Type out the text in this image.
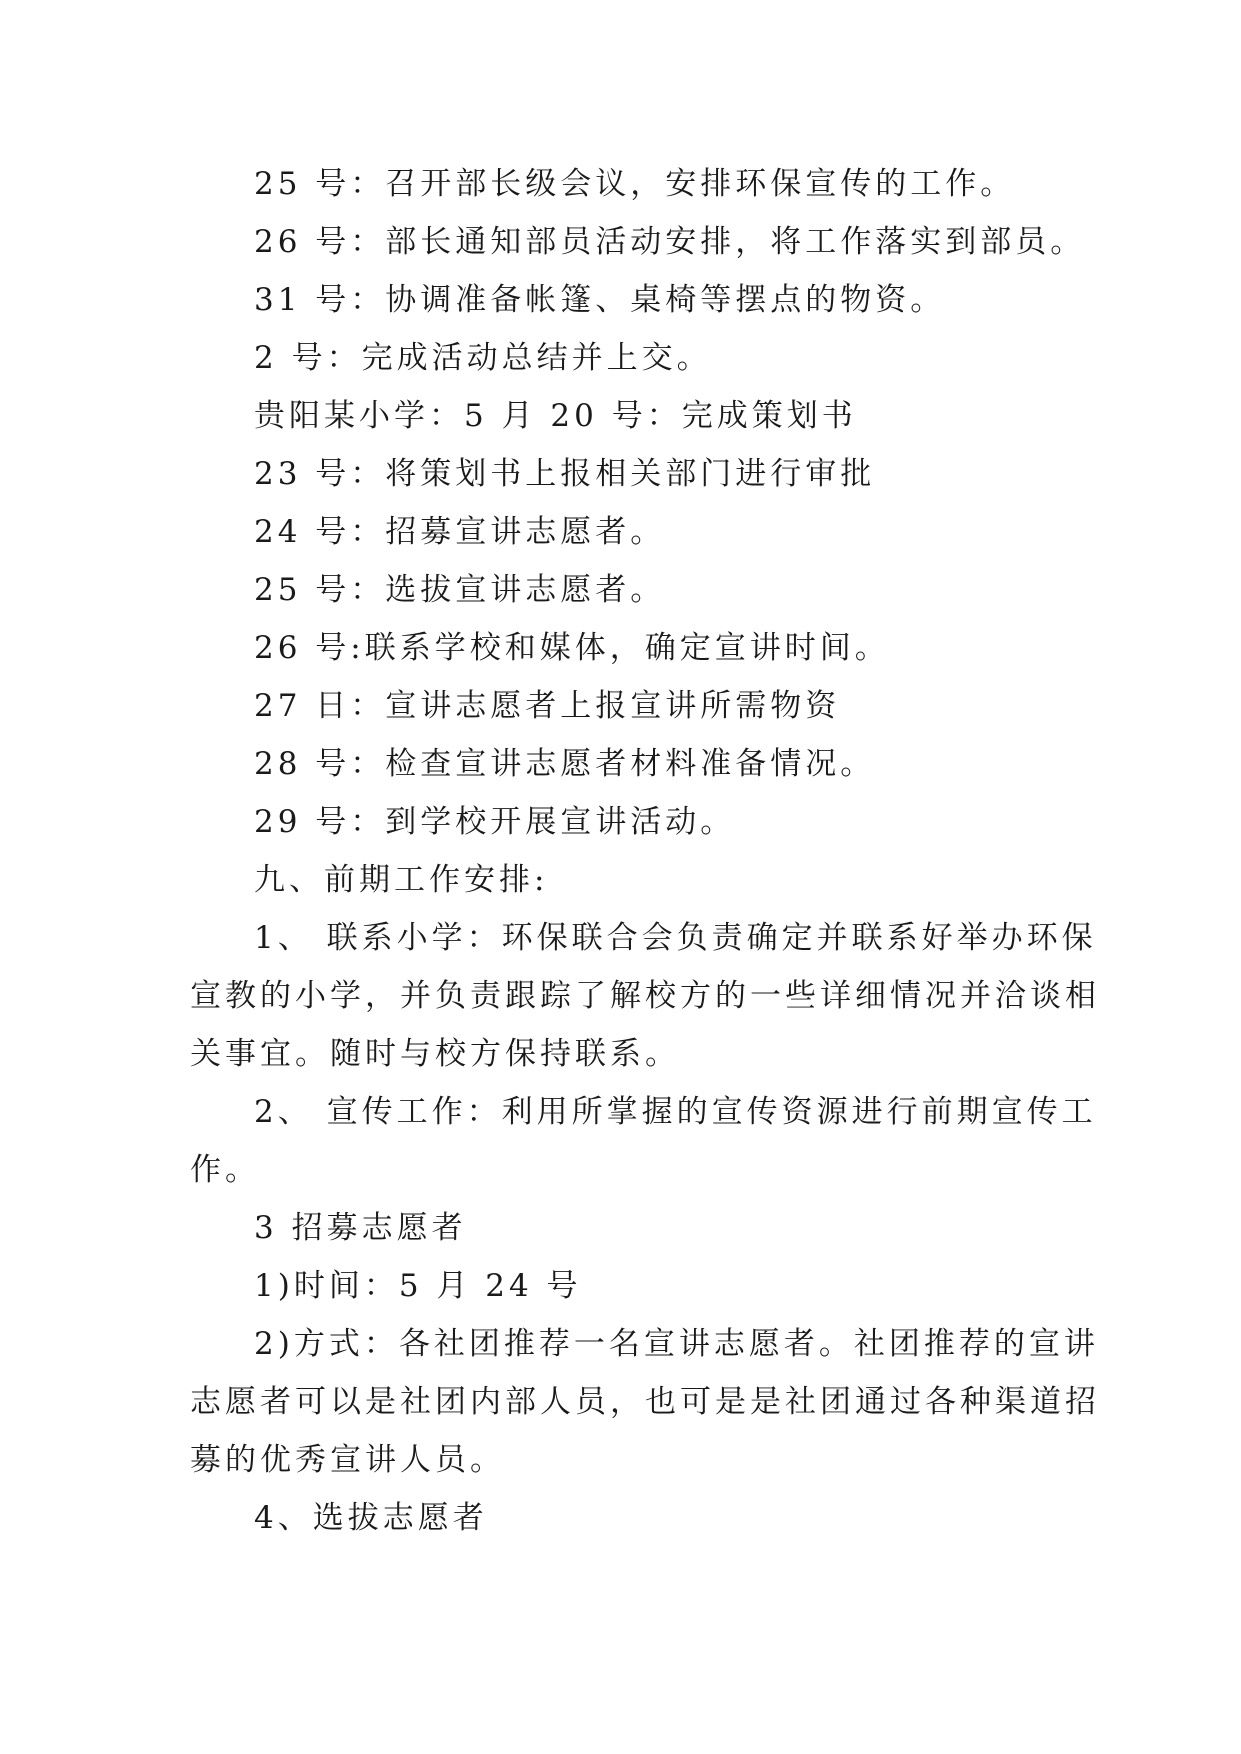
25 号：召开部长级会议，安排环保宣传的工作。
26 号：部长通知部员活动安排，将工作落实到部员。
31 号：协调准备帐篷、桌椅等摆点的物资。
2 号：完成活动总结并上交。
贵阳某小学：5 月 20 号：完成策划书
23 号：将策划书上报相关部门进行审批
24 号：招募宣讲志愿者。
25 号：选拔宣讲志愿者。
26 号:联系学校和媒体，确定宣讲时间。
27 日：宣讲志愿者上报宣讲所需物资
28 号：检查宣讲志愿者材料准备情况。
29 号：到学校开展宣讲活动。
九、前期工作安排:
1、 联系小学：环保联合会负责确定并联系好举办环保
宣教的小学，并负责跟踪了解校方的一些详细情况并洽谈相
关事宜。随时与校方保持联系。
2、 宣传工作：利用所掌握的宣传资源进行前期宣传工
作。
3 招募志愿者
1)时间：5 月 24 号
2)方式：各社团推荐一名宣讲志愿者。社团推荐的宣讲
志愿者可以是社团内部人员，也可是是社团通过各种渠道招
募的优秀宣讲人员。
4、选拔志愿者
